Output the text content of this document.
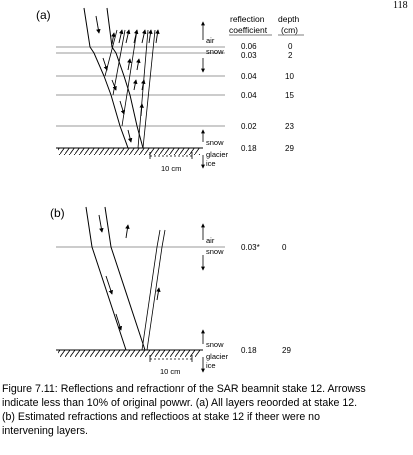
118
(a)	reflection
coefficient
depth
(cm)
air
snow
snow
glacier
ice
0.06	0
0.03	2
0.04	10
0.04	15
0.02	23
0.18	29
10 cm
(b)
air
snow
snow
glacier
ice
0.03*	0
0.18	29
10 cm
Figure 7.11: Reflections and refractionr of the SAR beamnit stake 12. Arrowss
indicate less than 10% of original powwr. (a) All layers reoorded at stake 12.
(b) Estimated refractions and reflectioos at stake 12 if theer were no
intervening layers.
